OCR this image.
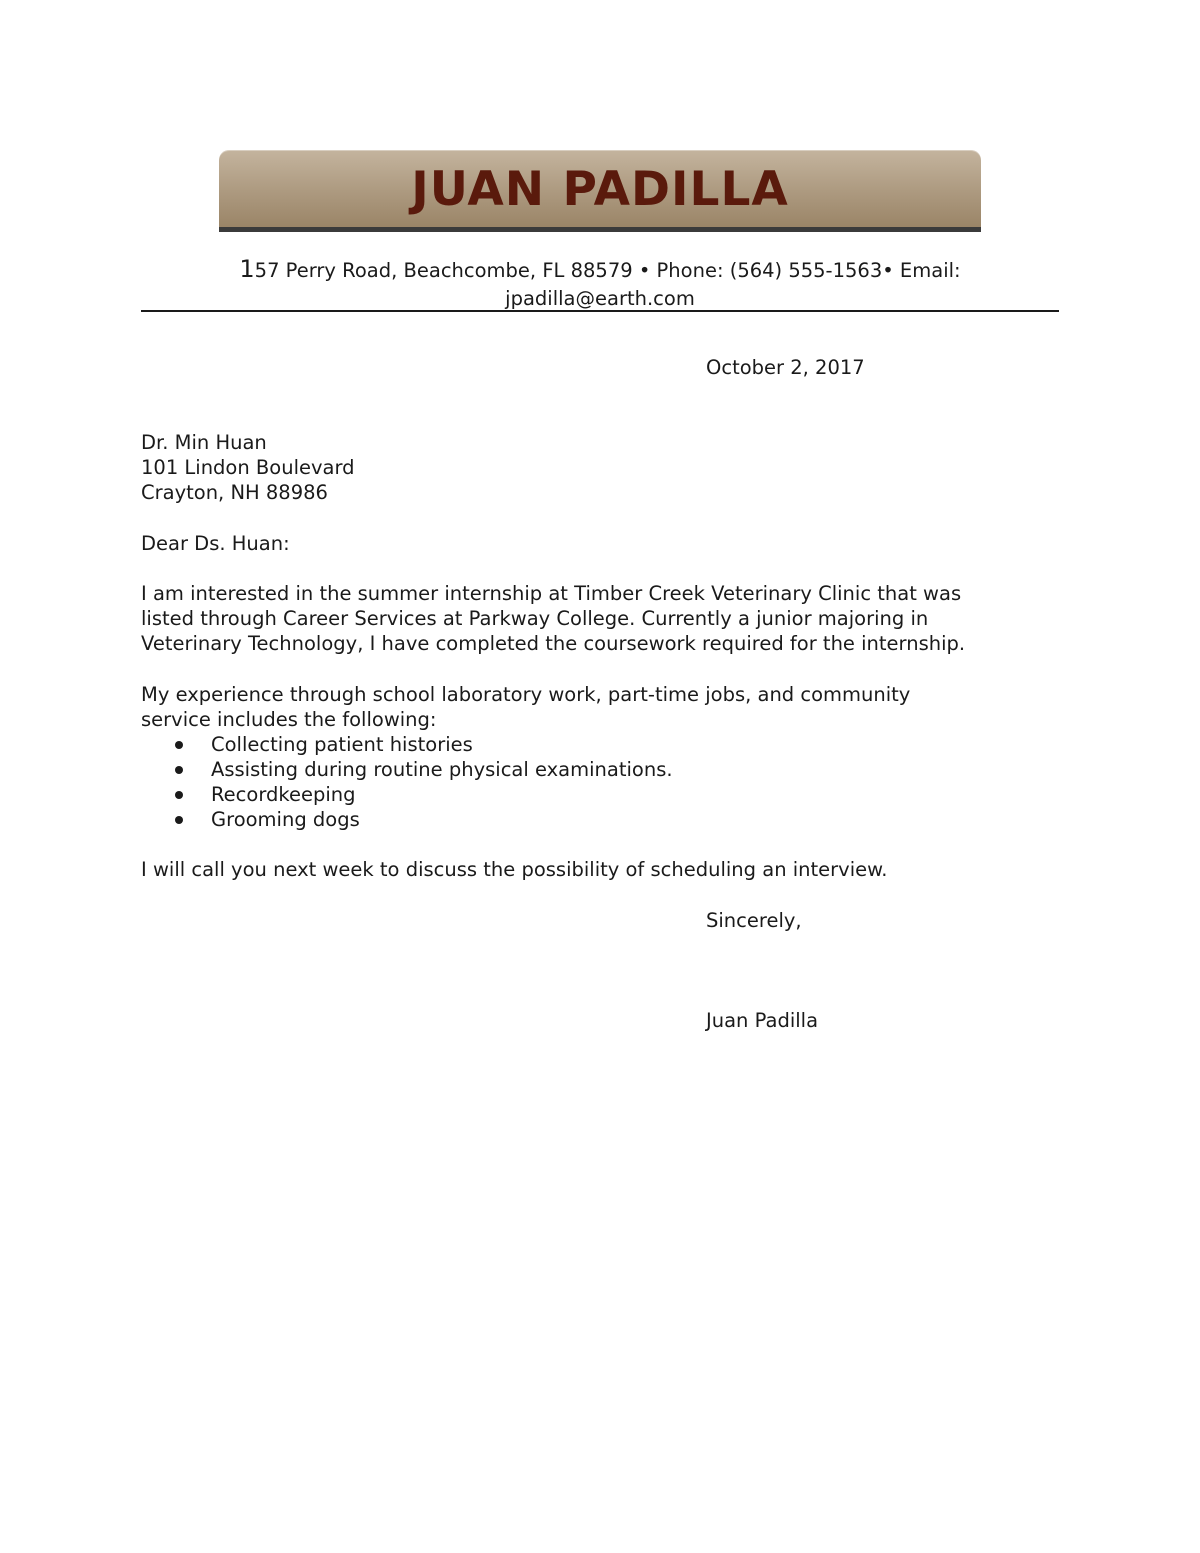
JUAN PADILLA
157 Perry Road, Beachcombe, FL 88579 • Phone: (564) 555-1563• Email:
jpadilla@earth.com
October 2, 2017
Dr. Min Huan
101 Lindon Boulevard
Crayton, NH 88986
Dear Ds. Huan:
I am interested in the summer internship at Timber Creek Veterinary Clinic that was
listed through Career Services at Parkway College. Currently a junior majoring in
Veterinary Technology, I have completed the coursework required for the internship.
My experience through school laboratory work, part-time jobs, and community
service includes the following:
Collecting patient histories
Assisting during routine physical examinations.
Recordkeeping
Grooming dogs
I will call you next week to discuss the possibility of scheduling an interview.
Sincerely,
Juan Padilla
